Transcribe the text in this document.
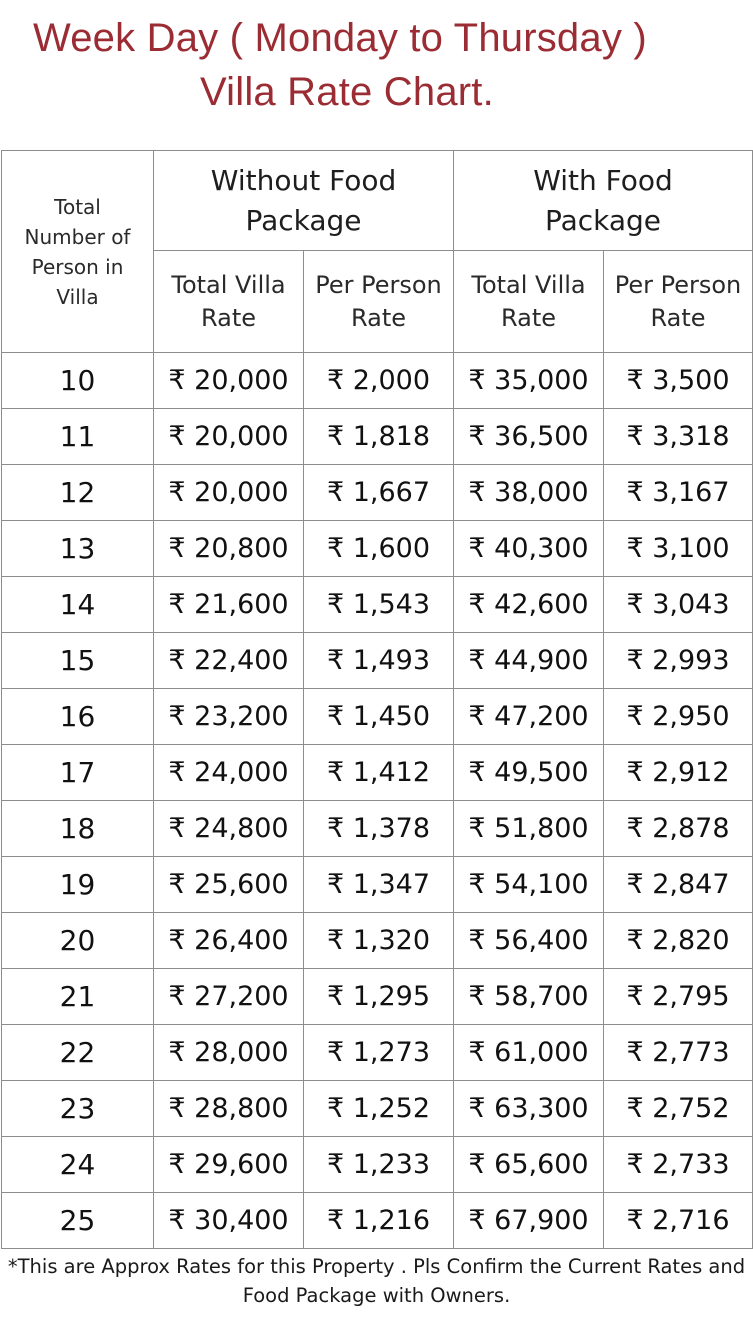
Week Day ( Monday to Thursday )
Villa Rate Chart.
Total Number of Person in Villa	Without Food Package		With Food Package	
	Total Villa Rate	Per Person Rate	Total Villa Rate	Per Person Rate
10	₹ 20,000	₹ 2,000	₹ 35,000	₹ 3,500
11	₹ 20,000	₹ 1,818	₹ 36,500	₹ 3,318
12	₹ 20,000	₹ 1,667	₹ 38,000	₹ 3,167
13	₹ 20,800	₹ 1,600	₹ 40,300	₹ 3,100
14	₹ 21,600	₹ 1,543	₹ 42,600	₹ 3,043
15	₹ 22,400	₹ 1,493	₹ 44,900	₹ 2,993
16	₹ 23,200	₹ 1,450	₹ 47,200	₹ 2,950
17	₹ 24,000	₹ 1,412	₹ 49,500	₹ 2,912
18	₹ 24,800	₹ 1,378	₹ 51,800	₹ 2,878
19	₹ 25,600	₹ 1,347	₹ 54,100	₹ 2,847
20	₹ 26,400	₹ 1,320	₹ 56,400	₹ 2,820
21	₹ 27,200	₹ 1,295	₹ 58,700	₹ 2,795
22	₹ 28,000	₹ 1,273	₹ 61,000	₹ 2,773
23	₹ 28,800	₹ 1,252	₹ 63,300	₹ 2,752
24	₹ 29,600	₹ 1,233	₹ 65,600	₹ 2,733
25	₹ 30,400	₹ 1,216	₹ 67,900	₹ 2,716
*This are Approx Rates for this Property . Pls Confirm the Current Rates and Food Package with Owners.
